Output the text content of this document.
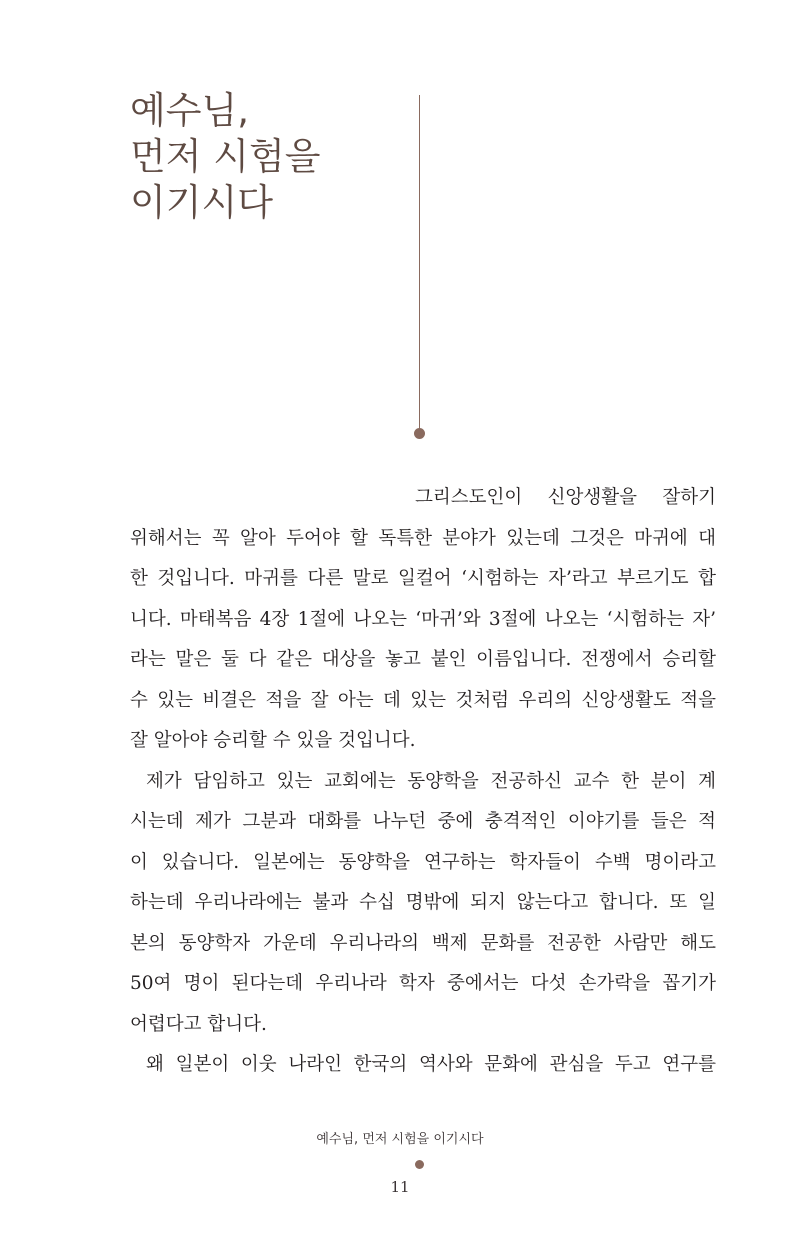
예수님,
먼저 시험을
이기시다
그리스도인이 신앙생활을 잘하기
위해서는 꼭 알아 두어야 할 독특한 분야가 있는데 그것은 마귀에 대
한 것입니다. 마귀를 다른 말로 일컬어 ‘시험하는 자’라고 부르기도 합
니다. 마태복음 4장 1절에 나오는 ‘마귀’와 3절에 나오는 ‘시험하는 자’
라는 말은 둘 다 같은 대상을 놓고 붙인 이름입니다. 전쟁에서 승리할
수 있는 비결은 적을 잘 아는 데 있는 것처럼 우리의 신앙생활도 적을
잘 알아야 승리할 수 있을 것입니다.
제가 담임하고 있는 교회에는 동양학을 전공하신 교수 한 분이 계
시는데 제가 그분과 대화를 나누던 중에 충격적인 이야기를 들은 적
이 있습니다. 일본에는 동양학을 연구하는 학자들이 수백 명이라고
하는데 우리나라에는 불과 수십 명밖에 되지 않는다고 합니다. 또 일
본의 동양학자 가운데 우리나라의 백제 문화를 전공한 사람만 해도
50여 명이 된다는데 우리나라 학자 중에서는 다섯 손가락을 꼽기가
어렵다고 합니다.
왜 일본이 이웃 나라인 한국의 역사와 문화에 관심을 두고 연구를
예수님, 먼저 시험을 이기시다
11
